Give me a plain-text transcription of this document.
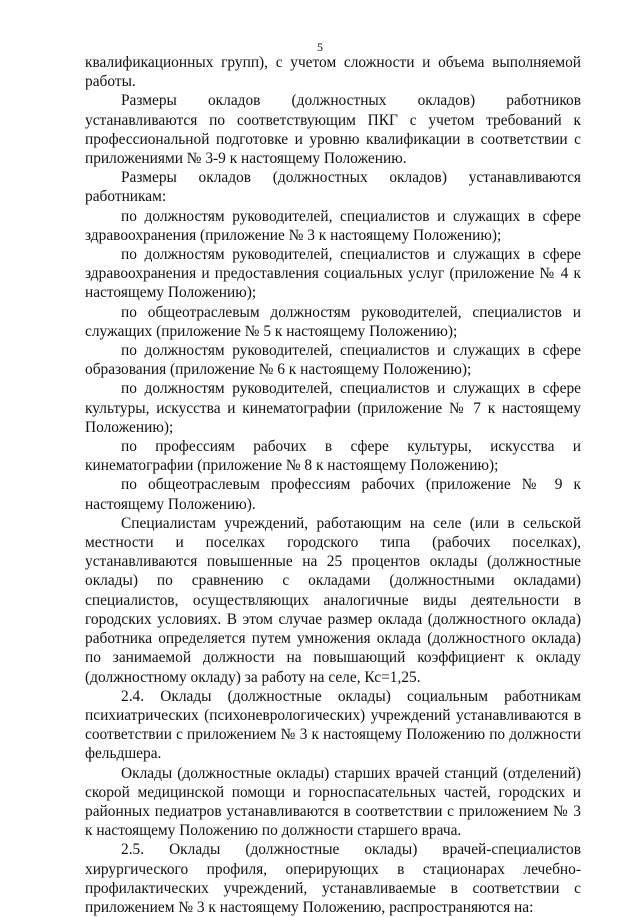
5

квалификационных групп), с учетом сложности и объема выполняемой работы.

Размеры окладов (должностных окладов) работников устанавливаются по соответствующим ПКГ с учетом требований к профессиональной подготовке и уровню квалификации в соответствии с приложениями № 3-9 к настоящему Положению.

Размеры окладов (должностных окладов) устанавливаются работникам:

по должностям руководителей, специалистов и служащих в сфере здравоохранения (приложение № 3 к настоящему Положению);

по должностям руководителей, специалистов и служащих в сфере здравоохранения и предоставления социальных услуг (приложение № 4 к настоящему Положению);

по общеотраслевым должностям руководителей, специалистов и служащих (приложение № 5 к настоящему Положению);

по должностям руководителей, специалистов и служащих в сфере образования (приложение № 6 к настоящему Положению);

по должностям руководителей, специалистов и служащих в сфере культуры, искусства и кинематографии (приложение № 7 к настоящему Положению);

по профессиям рабочих в сфере культуры, искусства и кинематографии (приложение № 8 к настоящему Положению);

по общеотраслевым профессиям рабочих (приложение № 9 к настоящему Положению).

Специалистам учреждений, работающим на селе (или в сельской местности и поселках городского типа (рабочих поселках), устанавливаются повышенные на 25 процентов оклады (должностные оклады) по сравнению с окладами (должностными окладами) специалистов, осуществляющих аналогичные виды деятельности в городских условиях. В этом случае размер оклада (должностного оклада) работника определяется путем умножения оклада (должностного оклада) по занимаемой должности на повышающий коэффициент к окладу (должностному окладу) за работу на селе, Кс=1,25.

2.4. Оклады (должностные оклады) социальным работникам психиатрических (психоневрологических) учреждений устанавливаются в соответствии с приложением № 3 к настоящему Положению по должности фельдшера.

Оклады (должностные оклады) старших врачей станций (отделений) скорой медицинской помощи и горноспасательных частей, городских и районных педиатров устанавливаются в соответствии с приложением № 3 к настоящему Положению по должности старшего врача.

2.5. Оклады (должностные оклады) врачей-специалистов хирургического профиля, оперирующих в стационарах лечебно-профилактических учреждений, устанавливаемые в соответствии с приложением № 3 к настоящему Положению, распространяются на:
